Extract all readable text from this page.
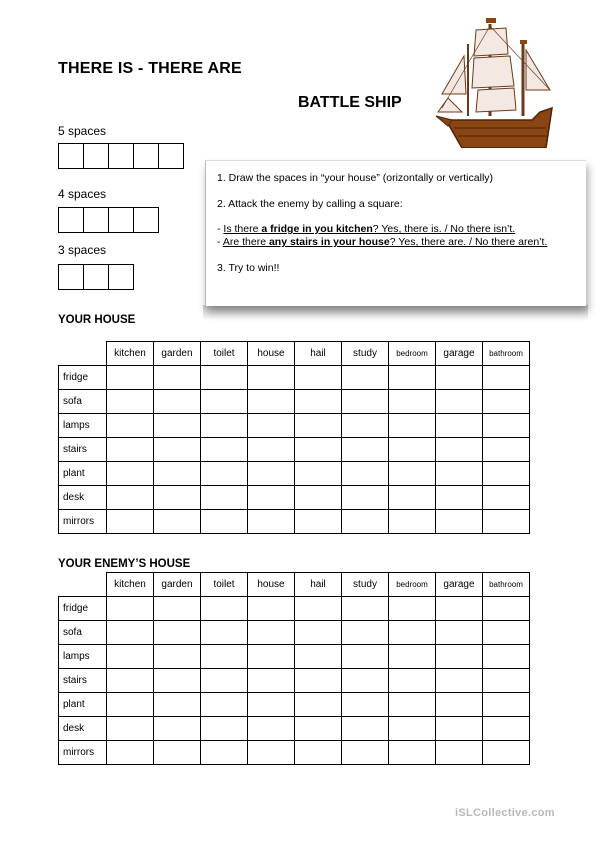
THERE IS - THERE ARE
BATTLE SHIP
5 spaces
4 spaces
3 spaces

1. Draw the spaces in “your house” (orizontally or vertically)

2. Attack the enemy by calling a square:

- Is there a fridge in you kitchen? Yes, there is. / No there isn’t.

- Are there any stairs in your house? Yes, there are. / No there aren’t.

3. Try to win!!

YOUR HOUSE
	kitchen	garden	toilet	house	hail	study	bedroom	garage	bathroom
fridge									
sofa									
lamps									
stairs									
plant									
desk									
mirrors									
YOUR ENEMY’S HOUSE
	kitchen	garden	toilet	house	hail	study	bedroom	garage	bathroom
fridge									
sofa									
lamps									
stairs									
plant									
desk									
mirrors									
iSLCollective.com
